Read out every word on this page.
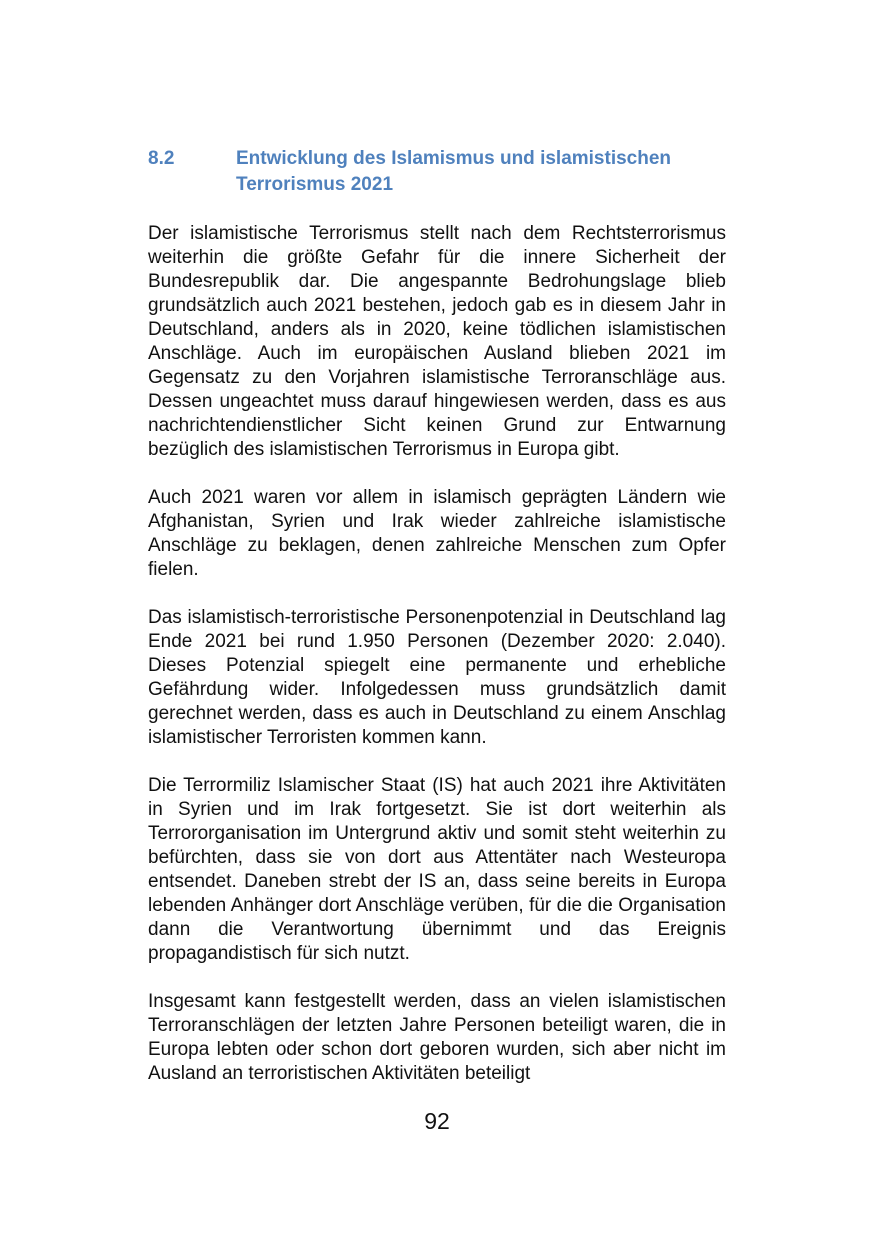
8.2	Entwicklung des Islamismus und islamistischen Terrorismus 2021

Der islamistische Terrorismus stellt nach dem Rechtsterrorismus weiterhin die größte Gefahr für die innere Sicherheit der Bundesrepublik dar. Die angespannte Bedrohungslage blieb grundsätzlich auch 2021 bestehen, jedoch gab es in diesem Jahr in Deutschland, anders als in 2020, keine tödlichen islamistischen Anschläge. Auch im europäischen Ausland blieben 2021 im Gegensatz zu den Vorjahren islamistische Terroranschläge aus. Dessen ungeachtet muss darauf hingewiesen werden, dass es aus nachrichtendienstlicher Sicht keinen Grund zur Entwarnung bezüglich des islamistischen Terrorismus in Europa gibt.

Auch 2021 waren vor allem in islamisch geprägten Ländern wie Afghanistan, Syrien und Irak wieder zahlreiche islamistische Anschläge zu beklagen, denen zahlreiche Menschen zum Opfer fielen.

Das islamistisch-terroristische Personenpotenzial in Deutschland lag Ende 2021 bei rund 1.950 Personen (Dezember 2020: 2.040). Dieses Potenzial spiegelt eine permanente und erhebliche Gefährdung wider. Infolgedessen muss grundsätzlich damit gerechnet werden, dass es auch in Deutschland zu einem Anschlag islamistischer Terroristen kommen kann.

Die Terrormiliz Islamischer Staat (IS) hat auch 2021 ihre Aktivitäten in Syrien und im Irak fortgesetzt. Sie ist dort weiterhin als Terrororganisation im Untergrund aktiv und somit steht weiterhin zu befürchten, dass sie von dort aus Attentäter nach Westeuropa entsendet. Daneben strebt der IS an, dass seine bereits in Europa lebenden Anhänger dort Anschläge verüben, für die die Organisation dann die Verantwortung übernimmt und das Ereignis propagandistisch für sich nutzt.

Insgesamt kann festgestellt werden, dass an vielen islamistischen Terroranschlägen der letzten Jahre Personen beteiligt waren, die in Europa lebten oder schon dort geboren wurden, sich aber nicht im Ausland an terroristischen Aktivitäten beteiligt

92
